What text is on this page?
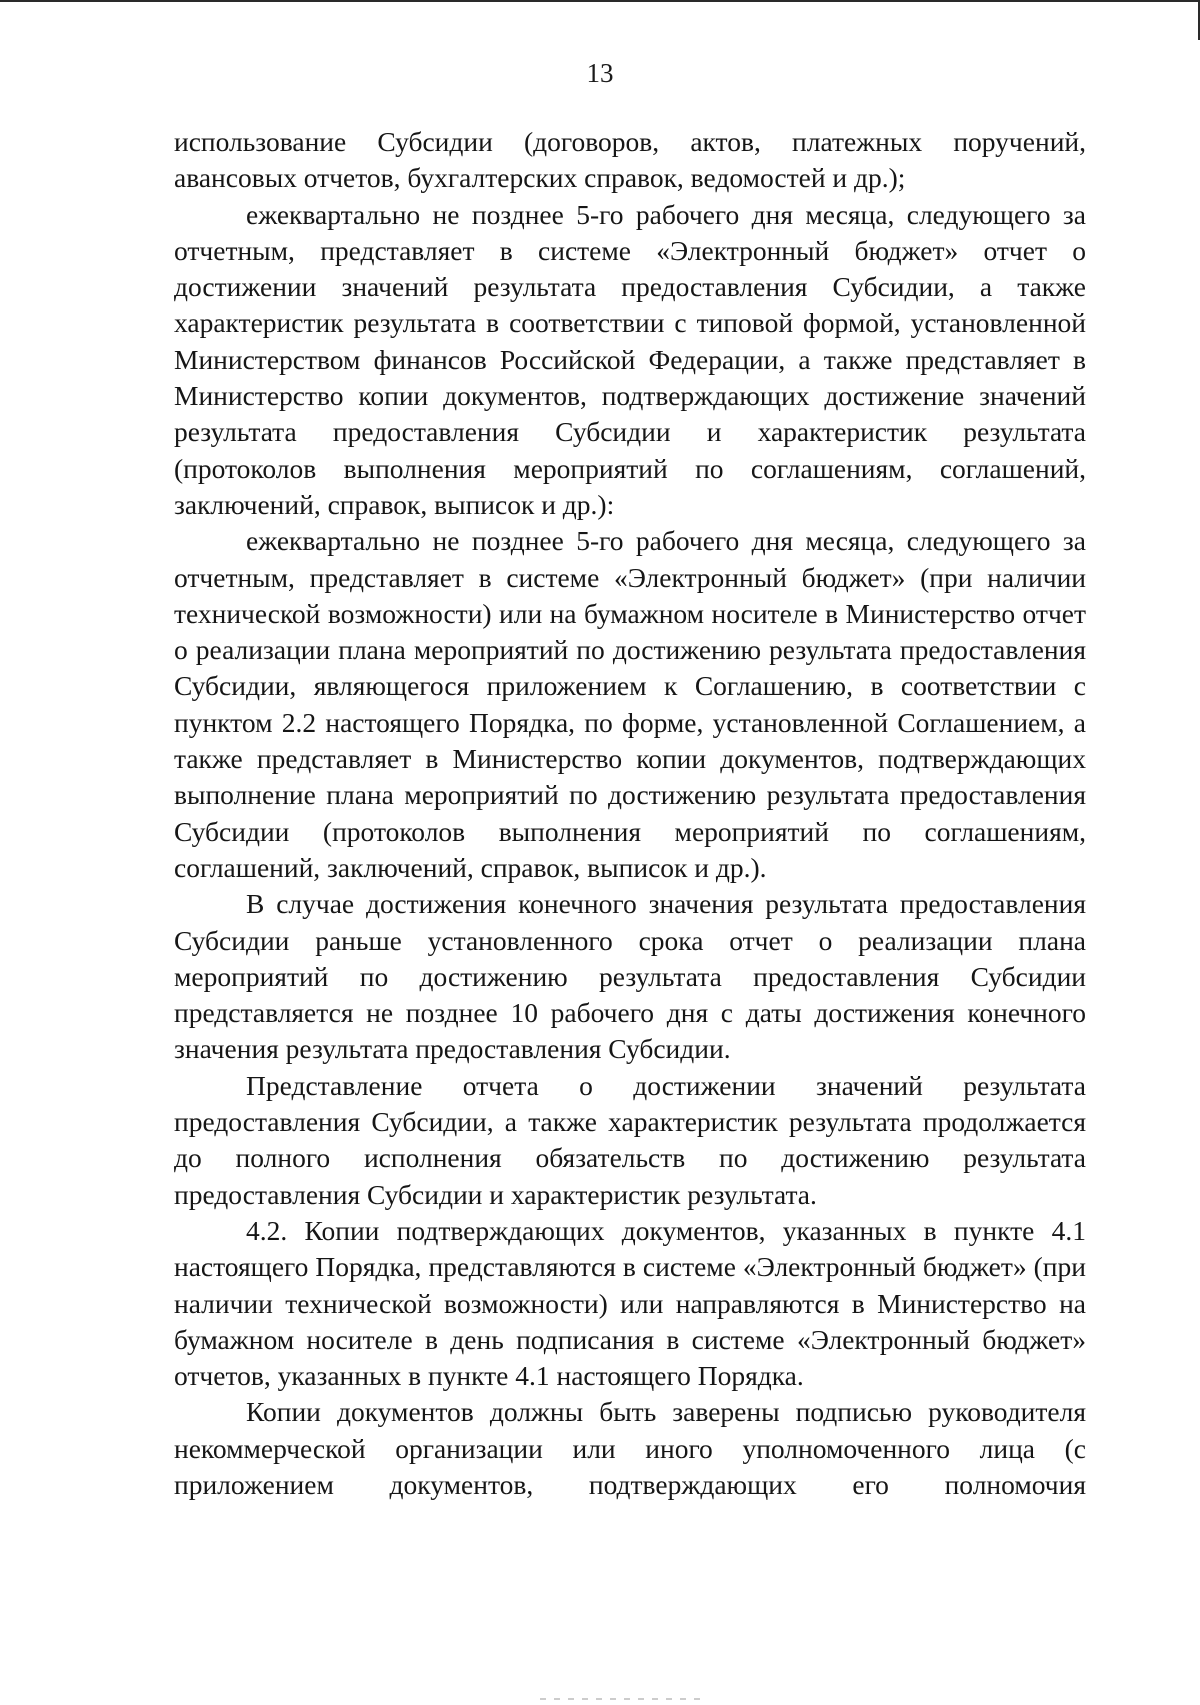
13

использование Субсидии (договоров, актов, платежных поручений, авансовых отчетов, бухгалтерских справок, ведомостей и др.);

ежеквартально не позднее 5-го рабочего дня месяца, следующего за отчетным, представляет в системе «Электронный бюджет» отчет о достижении значений результата предоставления Субсидии, а также характеристик результата в соответствии с типовой формой, установленной Министерством финансов Российской Федерации, а также представляет в Министерство копии документов, подтверждающих достижение значений результата предоставления Субсидии и характеристик результата (протоколов выполнения мероприятий по соглашениям, соглашений, заключений, справок, выписок и др.):

ежеквартально не позднее 5-го рабочего дня месяца, следующего за отчетным, представляет в системе «Электронный бюджет» (при наличии технической возможности) или на бумажном носителе в Министерство отчет о реализации плана мероприятий по достижению результата предоставления Субсидии, являющегося приложением к Соглашению, в соответствии с пунктом 2.2 настоящего Порядка, по форме, установленной Соглашением, а также представляет в Министерство копии документов, подтверждающих выполнение плана мероприятий по достижению результата предоставления Субсидии (протоколов выполнения мероприятий по соглашениям, соглашений, заключений, справок, выписок и др.).

В случае достижения конечного значения результата предоставления Субсидии раньше установленного срока отчет о реализации плана мероприятий по достижению результата предоставления Субсидии представляется не позднее 10 рабочего дня с даты достижения конечного значения результата предоставления Субсидии.

Представление отчета о достижении значений результата предоставления Субсидии, а также характеристик результата продолжается до полного исполнения обязательств по достижению результата предоставления Субсидии и характеристик результата.

4.2. Копии подтверждающих документов, указанных в пункте 4.1 настоящего Порядка, представляются в системе «Электронный бюджет» (при наличии технической возможности) или направляются в Министерство на бумажном носителе в день подписания в системе «Электронный бюджет» отчетов, указанных в пункте 4.1 настоящего Порядка.

Копии документов должны быть заверены подписью руководителя некоммерческой организации или иного уполномоченного лица (с приложением документов, подтверждающих его полномочия
